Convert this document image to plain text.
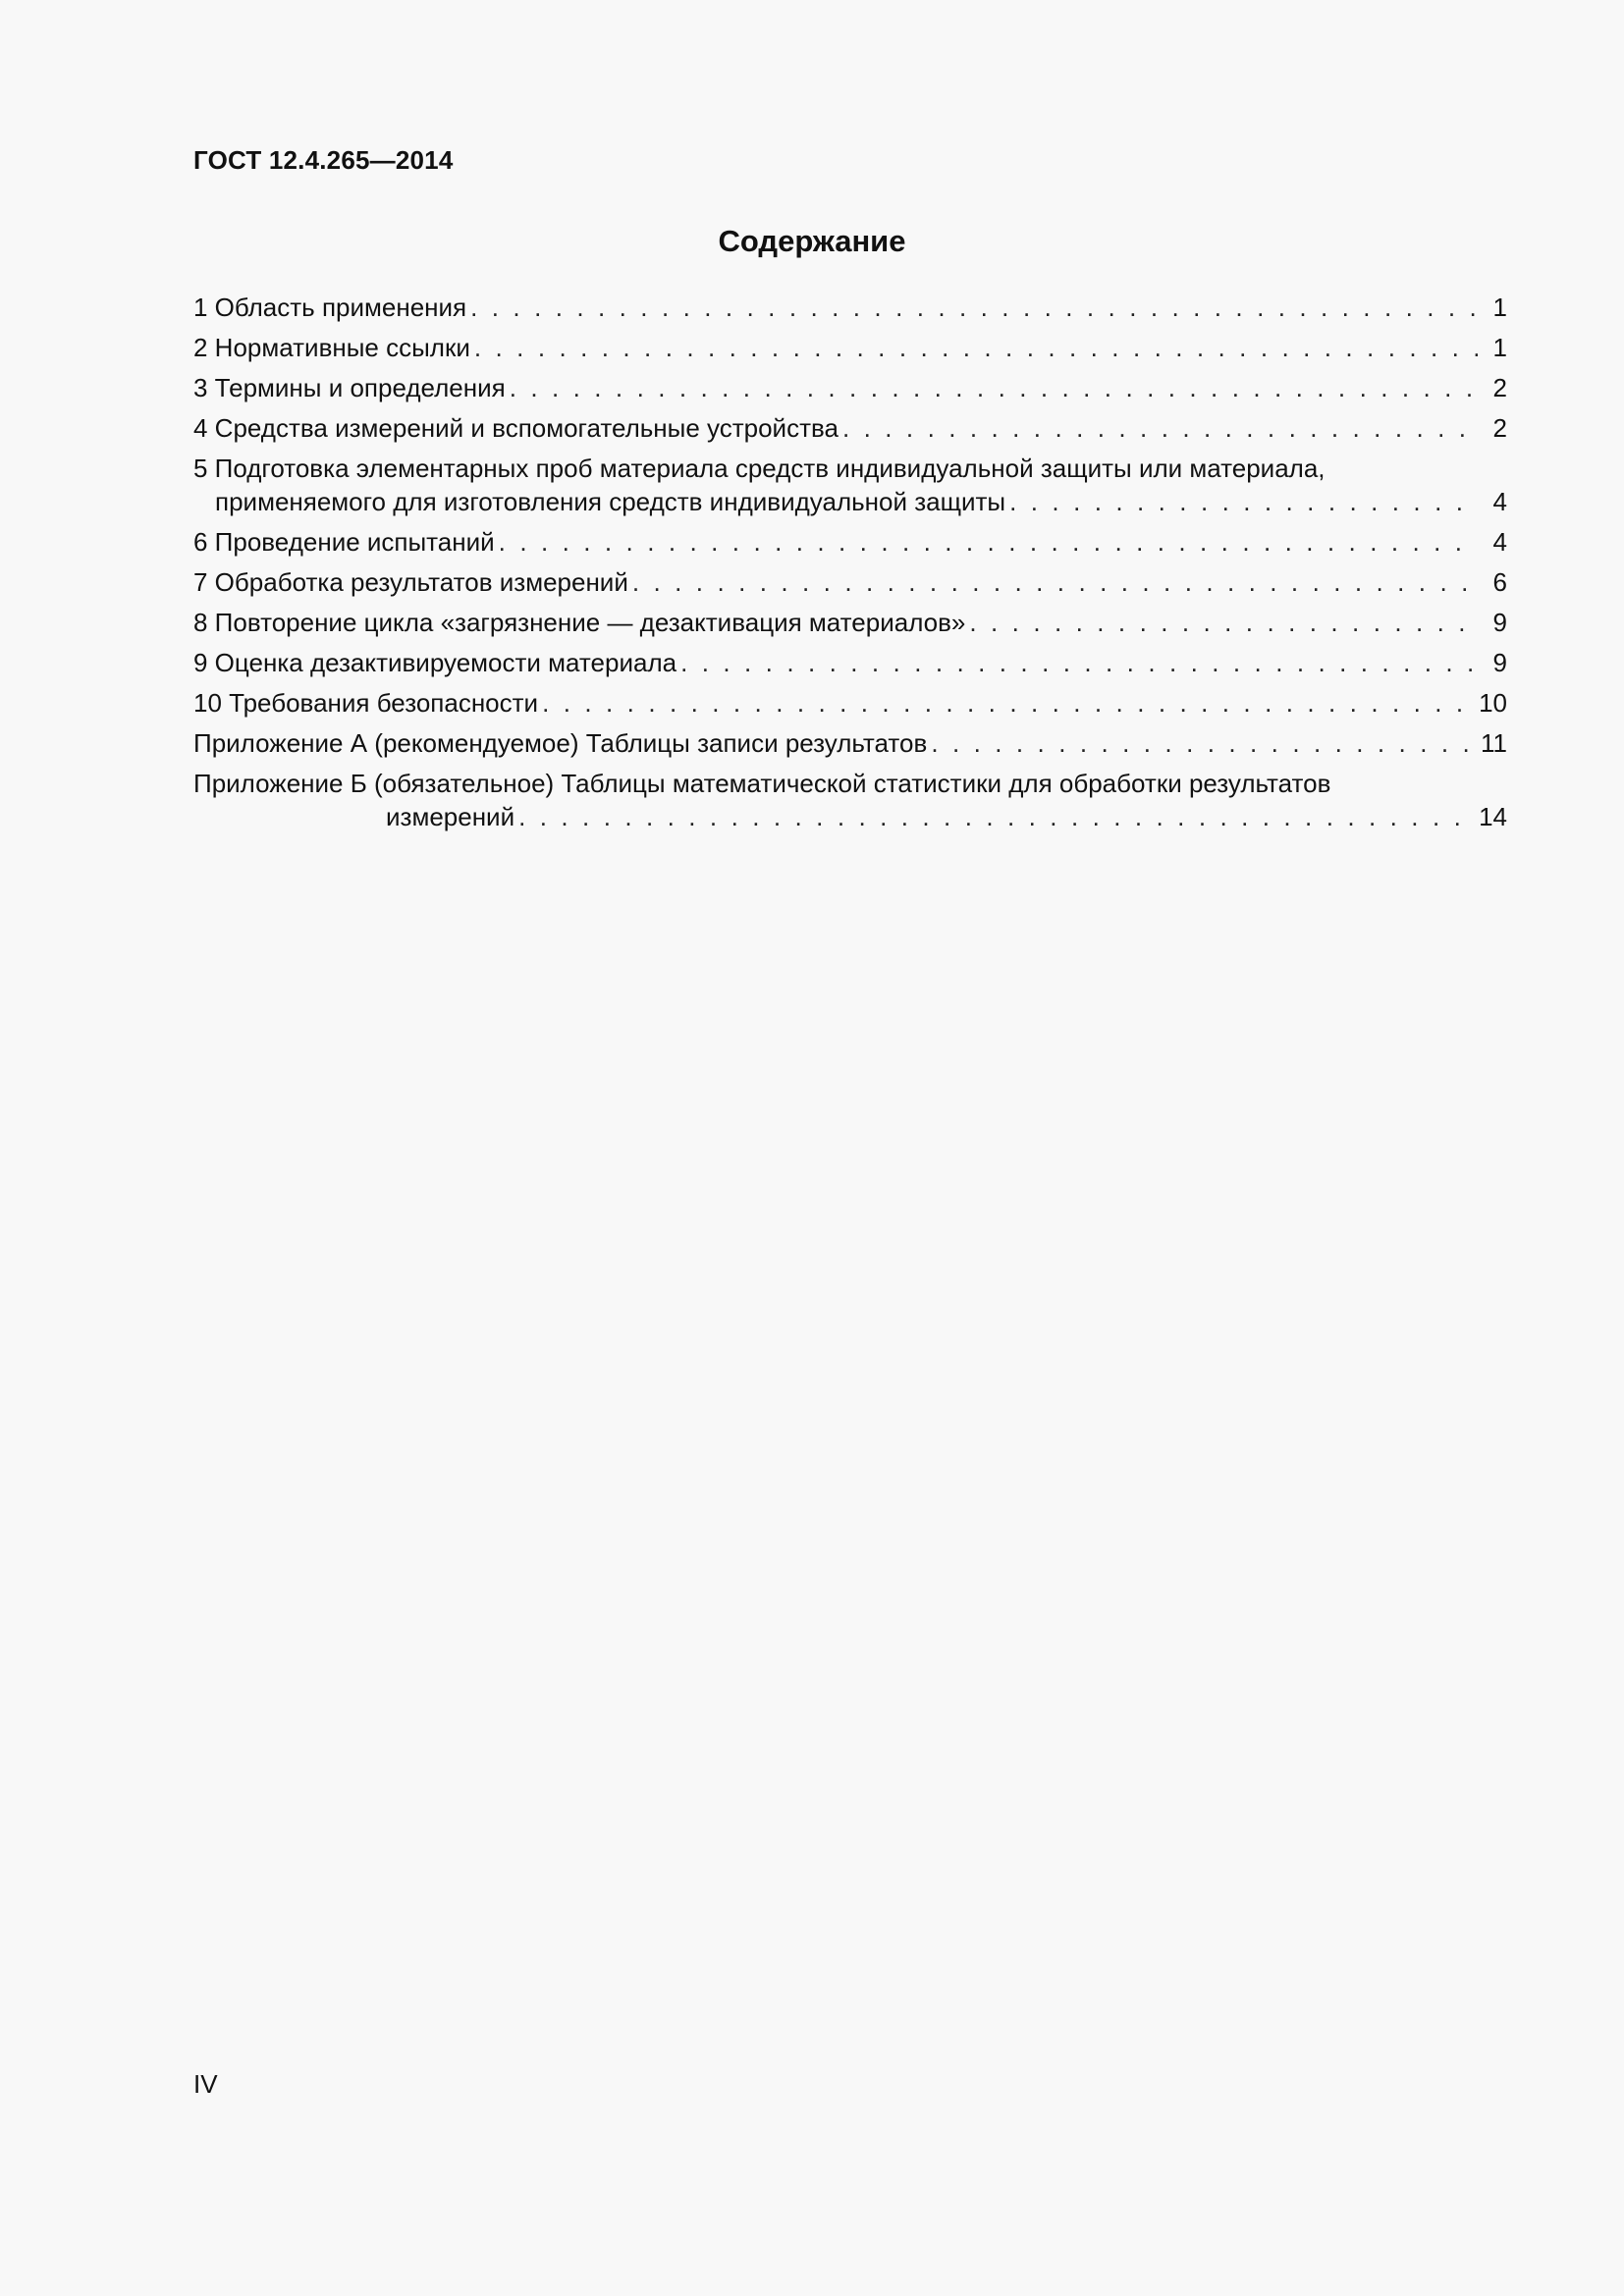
ГОСТ 12.4.265—2014
Содержание
1 Область применения . . .	1
2 Нормативные ссылки . . .	1
3 Термины и определения . . .	2
4 Средства измерений и вспомогательные устройства . . .	2
5 Подготовка элементарных проб материала средств индивидуальной защиты или материала,
применяемого для изготовления средств индивидуальной защиты . . .	4
6 Проведение испытаний . . .	4
7 Обработка результатов измерений . . .	6
8 Повторение цикла «загрязнение — дезактивация материалов» . . .	9
9 Оценка дезактивируемости материала . . .	9
10 Требования безопасности . . .	10
Приложение А (рекомендуемое) Таблицы записи результатов . . .	11
Приложение Б (обязательное) Таблицы математической статистики для обработки результатов
измерений . . .	14
IV
